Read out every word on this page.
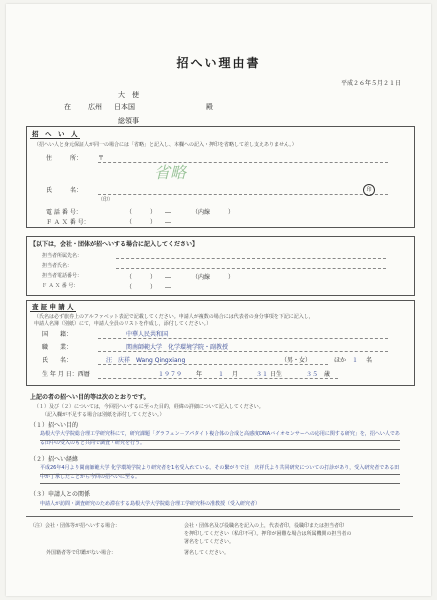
招へい理由書
平成２６年５月２１日
大　使
在 広州 日本国	殿
総領事
招　へ　い　人
（招へい人と身元保証人が同一の場合には「省略」と記入し、本欄への記入・押印を省略して差し支えありません。）
住　　　所：	〒
省略
氏　　　名：
（印）
印
電 話 番 号：	（　　　）　　―　　　　（内線　　　）
Ｆ Ａ Ｘ 番 号：	（　　　）　　―
【以下は，会社・団体が招へいする場合に記入してください】
担当者所属先名：
担当者氏名：
担当者電話番号：	（　　　）　　―　　　　（内線　　　）
Ｆ Ａ Ｘ 番 号：	（　　　）　　―
査 証 申 請 人
（氏名は必ず旅券上のアルファベット表記で記載してください。申請人が複数の場合には代表者の身分事項を下記に記入し，
申請人名簿（別紙）にて，申請人全員のリストを作成し，添付してください。）
国　　籍：	中華人民共和国
職　　業：	関南師範大学　化学環境学院・副教授
氏　　名：	汪　庆祥　Wang Qingxiang	（男・女）	ほか １ 名
生 年 月 日：西暦	１９７９ 年	１ 月	３１ 日生	３５ 歳
上記の者の招へい目的等は次のとおりです。
（１）及び（２）については，今回招へいするに至った目的，経緯の詳細について記入してください。
（記入欄が不足する場合は別紙を添付してください。）
（１）招へい目的
島根大学大学院総合理工学研究科にて，研究課題「グラフェン－アパタイト複合体の合成と高感度DNAバイオセンサーへの応用に関する研究」を，招へい人である田中の受入のもと共同で調査・研究を行う。
（２）招へい経緯
平成26年4月より閩南師範大学 化学環境学院より研究者を1名受入れている。その繋がりで汪　庆祥氏より共同研究についての打診があり，受入研究者である田中が了承したことから今回の招へいに至る。
（３）申請人との関係
申請人が訪問・調査研究のため滞在する島根大学大学院総合理工学研究科の准教授（受入研究者）
（注）会社・団体等が招へいする場合：	会社・団体名及び役職名を記入の上，代表者印，役職印または担当者印
を押印してください（私印不可）。押印が困難な場合は所属機関の担当者の
署名をしてください。
外国籍者等で印鑑がない場合：	署名してください。
